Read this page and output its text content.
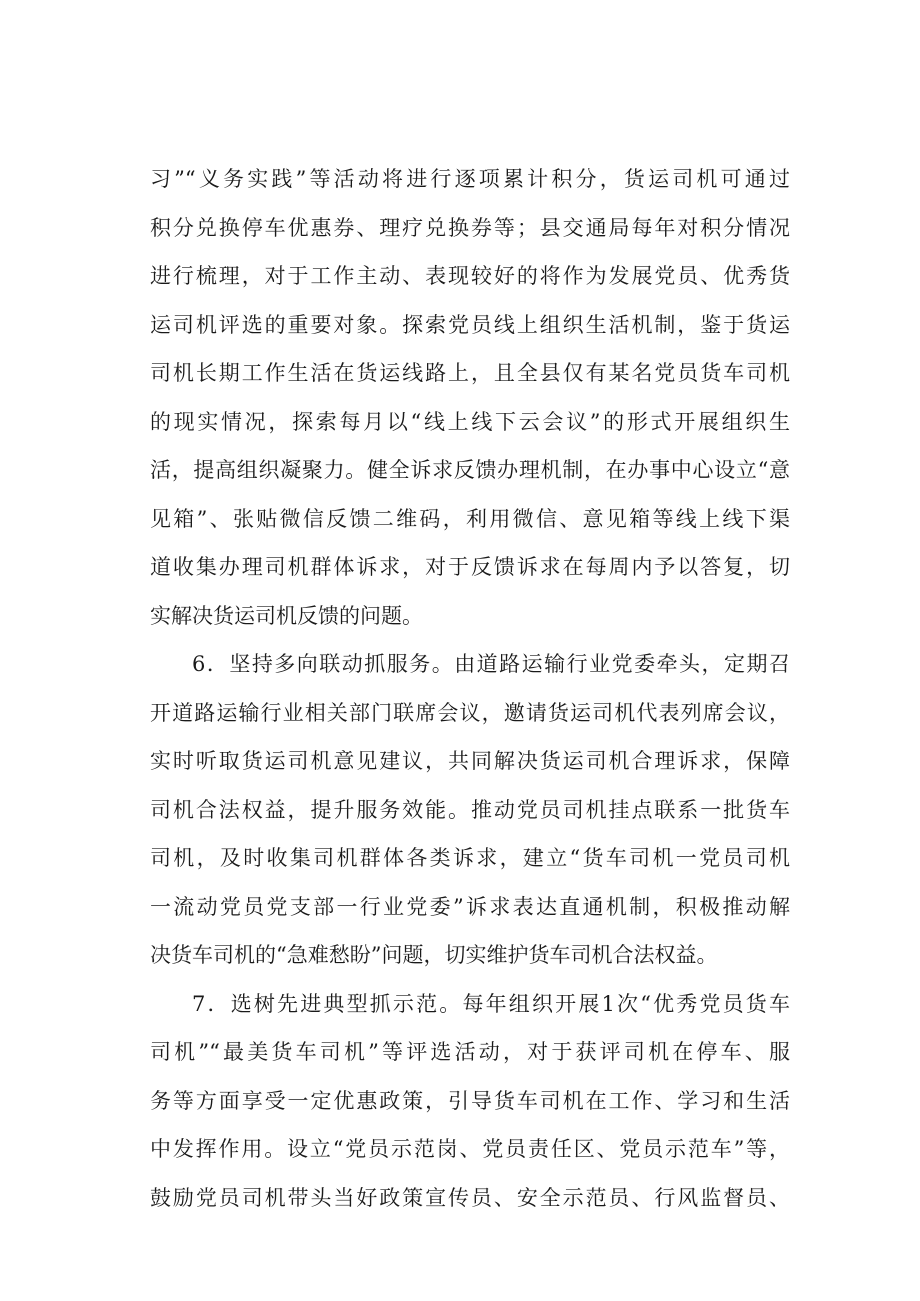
习”“义务实践”等活动将进行逐项累计积分，货运司机可通过
积分兑换停车优惠券、理疗兑换券等；县交通局每年对积分情况
进行梳理，对于工作主动、表现较好的将作为发展党员、优秀货
运司机评选的重要对象。探索党员线上组织生活机制，鉴于货运
司机长期工作生活在货运线路上，且全县仅有某名党员货车司机
的现实情况，探索每月以“线上线下云会议”的形式开展组织生
活，提高组织凝聚力。健全诉求反馈办理机制，在办事中心设立“意
见箱”、张贴微信反馈二维码，利用微信、意见箱等线上线下渠
道收集办理司机群体诉求，对于反馈诉求在每周内予以答复，切
实解决货运司机反馈的问题。
6．坚持多向联动抓服务。由道路运输行业党委牵头，定期召
开道路运输行业相关部门联席会议，邀请货运司机代表列席会议，
实时听取货运司机意见建议，共同解决货运司机合理诉求，保障
司机合法权益，提升服务效能。推动党员司机挂点联系一批货车
司机，及时收集司机群体各类诉求，建立“货车司机一党员司机
一流动党员党支部一行业党委”诉求表达直通机制，积极推动解
决货车司机的“急难愁盼”问题，切实维护货车司机合法权益。
7．选树先进典型抓示范。每年组织开展1次“优秀党员货车
司机”“最美货车司机”等评选活动，对于获评司机在停车、服
务等方面享受一定优惠政策，引导货车司机在工作、学习和生活
中发挥作用。设立“党员示范岗、党员责任区、党员示范车”等，
鼓励党员司机带头当好政策宣传员、安全示范员、行风监督员、
